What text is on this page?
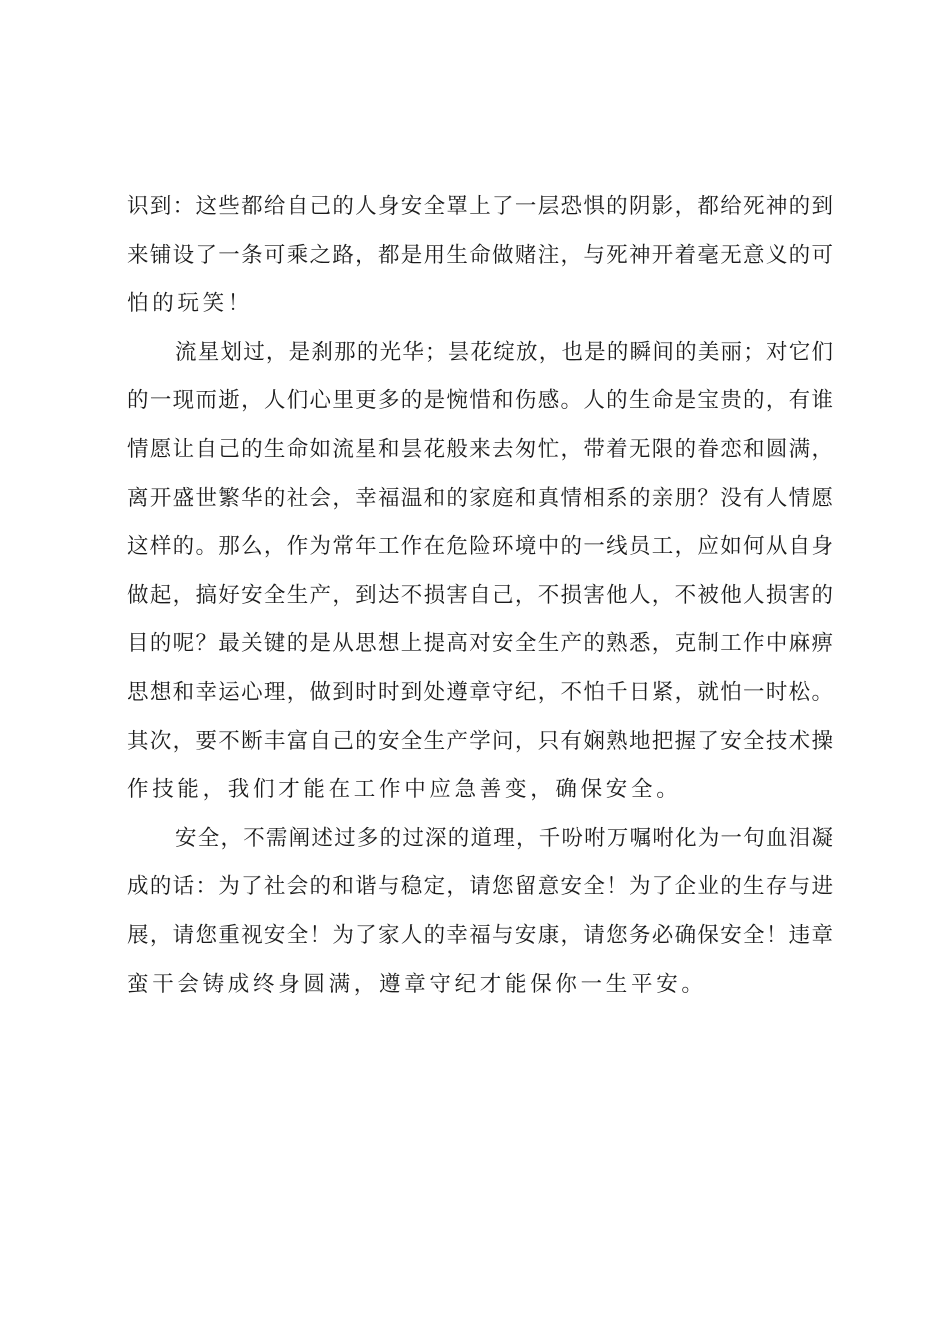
识到：这些都给自己的人身安全罩上了一层恐惧的阴影，都给死神的到
来铺设了一条可乘之路，都是用生命做赌注，与死神开着毫无意义的可
怕的玩笑！
流星划过，是刹那的光华；昙花绽放，也是的瞬间的美丽；对它们
的一现而逝，人们心里更多的是惋惜和伤感。人的生命是宝贵的，有谁
情愿让自己的生命如流星和昙花般来去匆忙，带着无限的眷恋和圆满，
离开盛世繁华的社会，幸福温和的家庭和真情相系的亲朋？没有人情愿
这样的。那么，作为常年工作在危险环境中的一线员工，应如何从自身
做起，搞好安全生产，到达不损害自己，不损害他人，不被他人损害的
目的呢？最关键的是从思想上提高对安全生产的熟悉，克制工作中麻痹
思想和幸运心理，做到时时到处遵章守纪，不怕千日紧，就怕一时松。
其次，要不断丰富自己的安全生产学问，只有娴熟地把握了安全技术操
作技能，我们才能在工作中应急善变，确保安全。
安全，不需阐述过多的过深的道理，千吩咐万嘱咐化为一句血泪凝
成的话：为了社会的和谐与稳定，请您留意安全！为了企业的生存与进
展，请您重视安全！为了家人的幸福与安康，请您务必确保安全！违章
蛮干会铸成终身圆满，遵章守纪才能保你一生平安。
